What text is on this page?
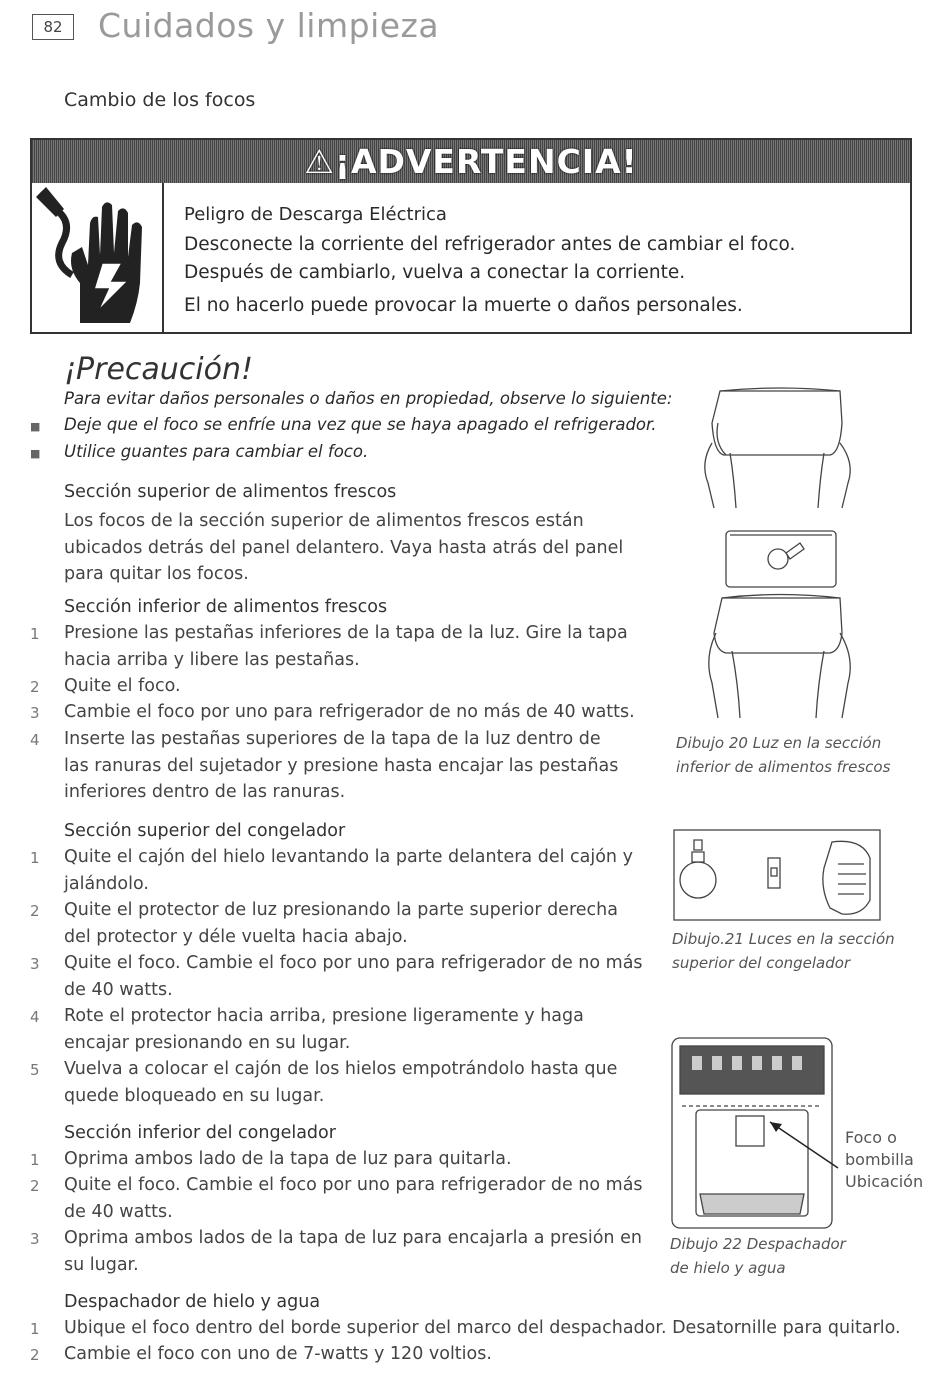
82	Cuidados y limpieza
Cambio de los focos
⚠¡ADVERTENCIA!
Peligro de Descarga Eléctrica
Desconecte la corriente del refrigerador antes de cambiar el foco.
Después de cambiarlo, vuelva a conectar la corriente.
El no hacerlo puede provocar la muerte o daños personales.
¡Precaución!
Para evitar daños personales o daños en propiedad, observe lo siguiente:
■ Deje que el foco se enfríe una vez que se haya apagado el refrigerador.
■ Utilice guantes para cambiar el foco.
Sección superior de alimentos frescos
Los focos de la sección superior de alimentos frescos están
ubicados detrás del panel delantero. Vaya hasta atrás del panel
para quitar los focos.
Sección inferior de alimentos frescos
1 Presione las pestañas inferiores de la tapa de la luz. Gire la tapa
hacia arriba y libere las pestañas.
2 Quite el foco.
3 Cambie el foco por uno para refrigerador de no más de 40 watts.
4 Inserte las pestañas superiores de la tapa de la luz dentro de
las ranuras del sujetador y presione hasta encajar las pestañas
inferiores dentro de las ranuras.
Sección superior del congelador
1 Quite el cajón del hielo levantando la parte delantera del cajón y
jalándolo.
2 Quite el protector de luz presionando la parte superior derecha
del protector y déle vuelta hacia abajo.
3 Quite el foco. Cambie el foco por uno para refrigerador de no más
de 40 watts.
4 Rote el protector hacia arriba, presione ligeramente y haga
encajar presionando en su lugar.
5 Vuelva a colocar el cajón de los hielos empotrándolo hasta que
quede bloqueado en su lugar.
Sección inferior del congelador
1 Oprima ambos lado de la tapa de luz para quitarla.
2 Quite el foco. Cambie el foco por uno para refrigerador de no más
de 40 watts.
3 Oprima ambos lados de la tapa de luz para encajarla a presión en
su lugar.
Despachador de hielo y agua
1 Ubique el foco dentro del borde superior del marco del despachador. Desatornille para quitarlo.
2 Cambie el foco con uno de 7-watts y 120 voltios.
Dibujo 20 Luz en la sección
inferior de alimentos frescos
Dibujo.21 Luces en la sección
superior del congelador
Foco o
bombilla
Ubicación
Dibujo 22 Despachador
de hielo y agua
